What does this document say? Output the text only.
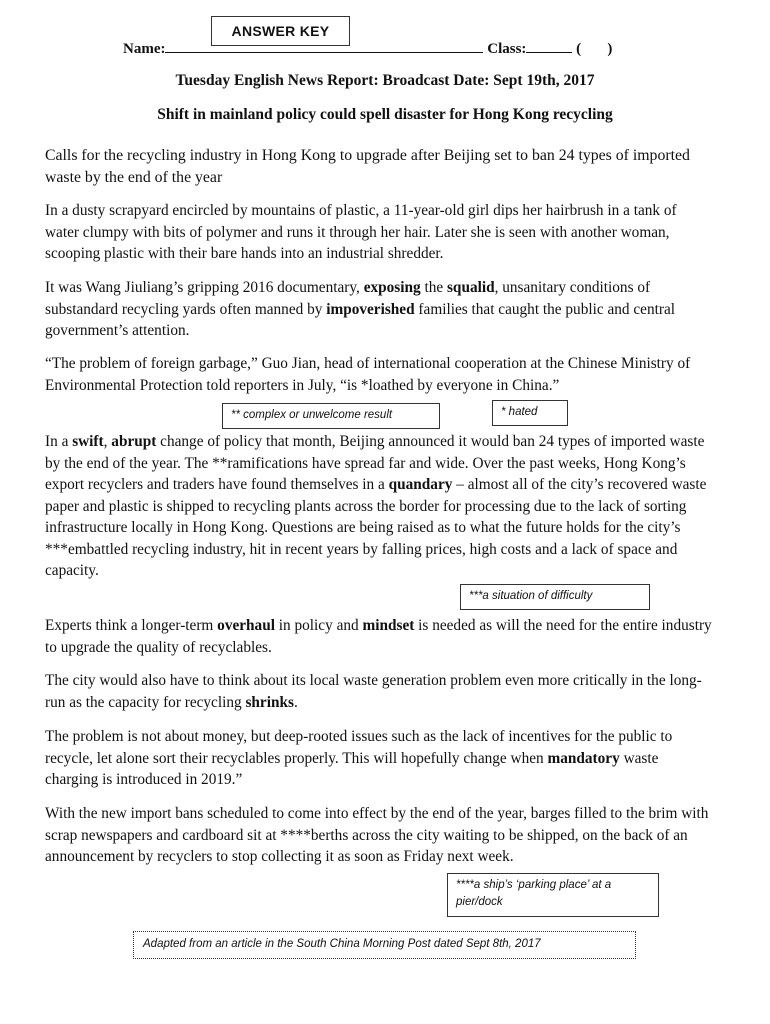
ANSWER KEY
Name:	Class:	(       )
Tuesday English News Report: Broadcast Date: Sept 19th, 2017
Shift in mainland policy could spell disaster for Hong Kong recycling

Calls for the recycling industry in Hong Kong to upgrade after Beijing set to ban 24 types of imported waste by the end of the year

In a dusty scrapyard encircled by mountains of plastic, a 11-year-old girl dips her hairbrush in a tank of water clumpy with bits of polymer and runs it through her hair. Later she is seen with another woman, scooping plastic with their bare hands into an industrial shredder.

It was Wang Jiuliang’s gripping 2016 documentary, exposing the squalid, unsanitary conditions of substandard recycling yards often manned by impoverished families that caught the public and central government’s attention.

“The problem of foreign garbage,” Guo Jian, head of international cooperation at the Chinese Ministry of Environmental Protection told reporters in July, “is *loathed by everyone in China.”

** complex or unwelcome result	* hated

In a swift, abrupt change of policy that month, Beijing announced it would ban 24 types of imported waste by the end of the year. The **ramifications have spread far and wide. Over the past weeks, Hong Kong’s export recyclers and traders have found themselves in a quandary – almost all of the city’s recovered waste paper and plastic is shipped to recycling plants across the border for processing due to the lack of sorting infrastructure locally in Hong Kong. Questions are being raised as to what the future holds for the city’s ***embattled recycling industry, hit in recent years by falling prices, high costs and a lack of space and capacity.

***a situation of difficulty

Experts think a longer-term overhaul in policy and mindset is needed as will the need for the entire industry to upgrade the quality of recyclables.

The city would also have to think about its local waste generation problem even more critically in the long-run as the capacity for recycling shrinks.

The problem is not about money, but deep-rooted issues such as the lack of incentives for the public to recycle, let alone sort their recyclables properly. This will hopefully change when mandatory waste charging is introduced in 2019.”

With the new import bans scheduled to come into effect by the end of the year, barges filled to the brim with scrap newspapers and cardboard sit at ****berths across the city waiting to be shipped, on the back of an announcement by recyclers to stop collecting it as soon as Friday next week.

****a ship’s ‘parking place’ at a pier/dock
Adapted from an article in the South China Morning Post dated Sept 8th, 2017
